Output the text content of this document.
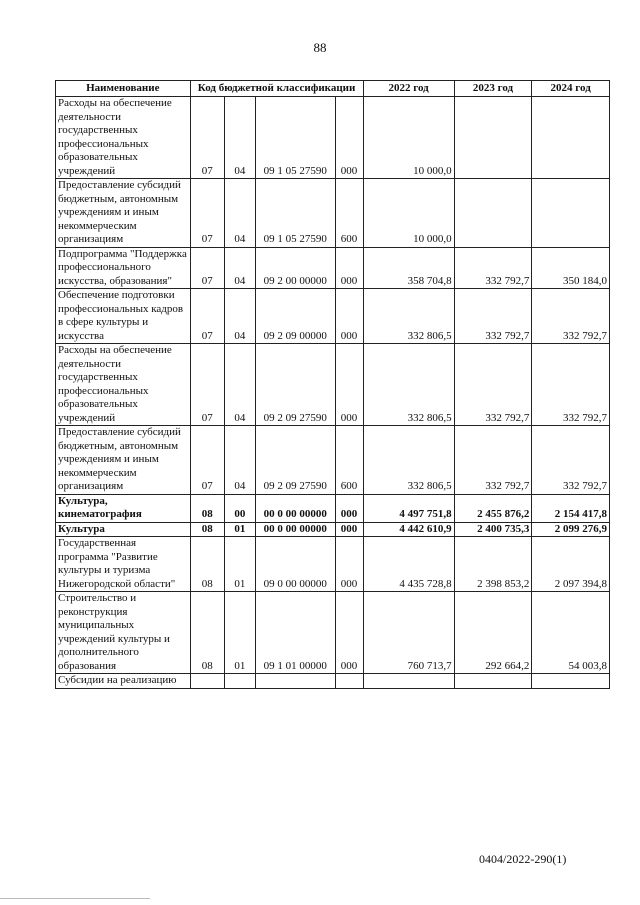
88
Наименование	Код бюджетной классификации				2022 год	2023 год	2024 год
Расходы на обеспечение деятельности государственных профессиональных образовательных учреждений	07	04	09 1 05 27590	000	10 000,0		
Предоставление субсидий бюджетным, автономным учреждениям и иным некоммерческим организациям	07	04	09 1 05 27590	600	10 000,0		
Подпрограмма "Поддержка профессионального искусства, образования"	07	04	09 2 00 00000	000	358 704,8	332 792,7	350 184,0
Обеспечение подготовки профессиональных кадров в сфере культуры и искусства	07	04	09 2 09 00000	000	332 806,5	332 792,7	332 792,7
Расходы на обеспечение деятельности государственных профессиональных образовательных учреждений	07	04	09 2 09 27590	000	332 806,5	332 792,7	332 792,7
Предоставление субсидий бюджетным, автономным учреждениям и иным некоммерческим организациям	07	04	09 2 09 27590	600	332 806,5	332 792,7	332 792,7
Культура, кинематография	08	00	00 0 00 00000	000	4 497 751,8	2 455 876,2	2 154 417,8
Культура	08	01	00 0 00 00000	000	4 442 610,9	2 400 735,3	2 099 276,9
Государственная программа "Развитие культуры и туризма Нижегородской области"	08	01	09 0 00 00000	000	4 435 728,8	2 398 853,2	2 097 394,8
Строительство и реконструкция муниципальных учреждений культуры и дополнительного образования	08	01	09 1 01 00000	000	760 713,7	292 664,2	54 003,8
Субсидии на реализацию							
0404/2022-290(1)
